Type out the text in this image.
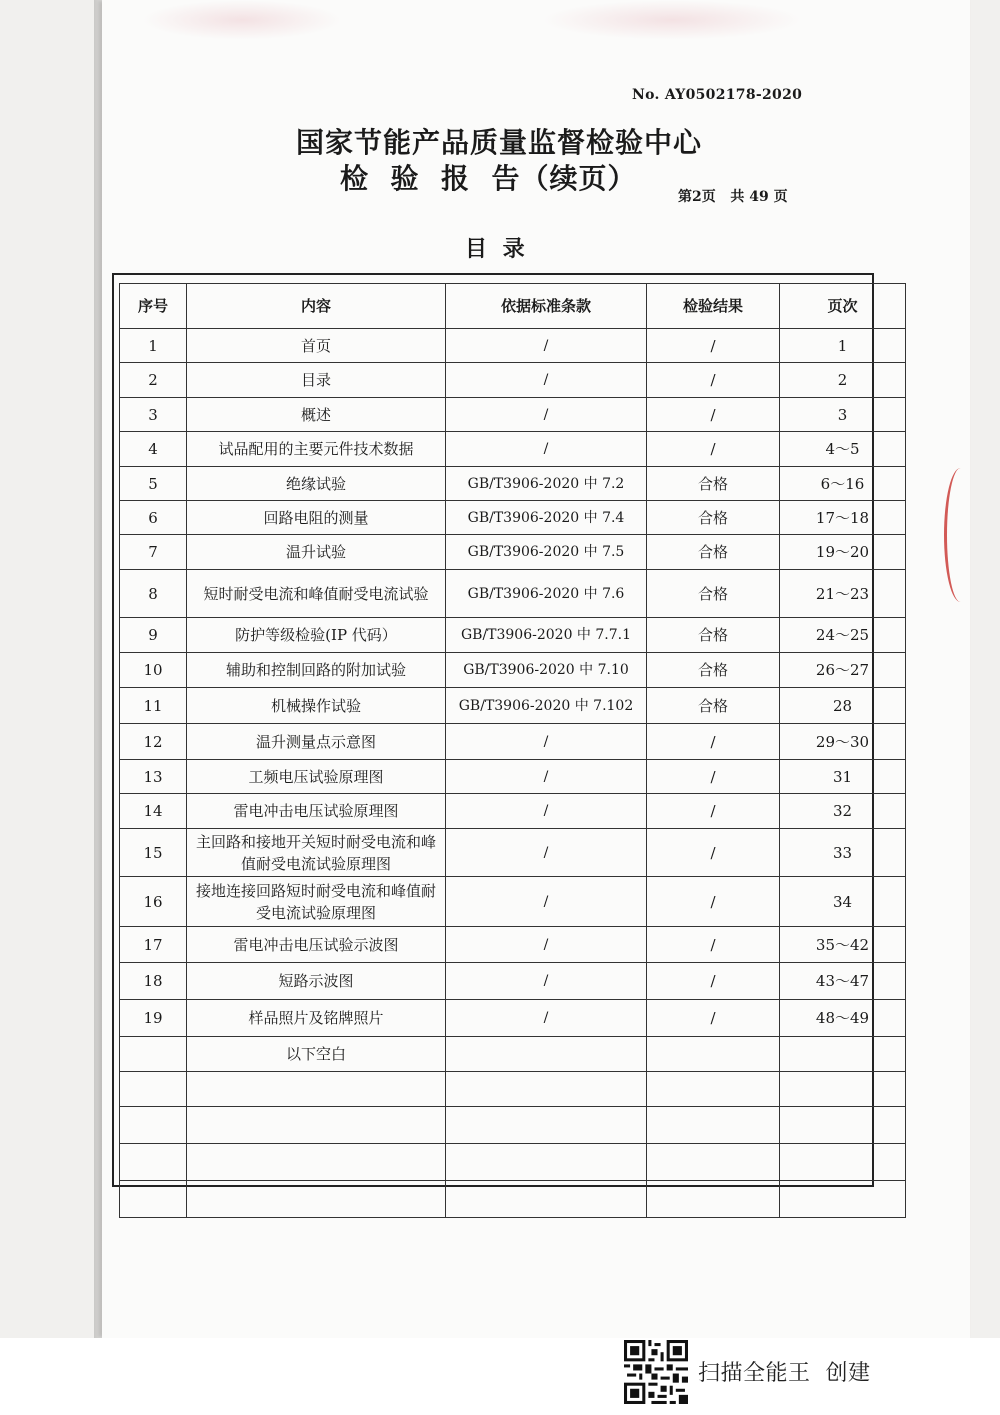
No. AY0502178-2020
国家节能产品质量监督检验中心
检  验  报  告（续页）
第2页   共 49 页
目 录
序号	内容	依据标准条款	检验结果	页次
1	首页	/	/	1
2	目录	/	/	2
3	概述	/	/	3
4	试品配用的主要元件技术数据	/	/	4～5
5	绝缘试验	GB/T3906-2020 中 7.2	合格	6～16
6	回路电阻的测量	GB/T3906-2020 中 7.4	合格	17～18
7	温升试验	GB/T3906-2020 中 7.5	合格	19～20
8	短时耐受电流和峰值耐受电流试验	GB/T3906-2020 中 7.6	合格	21～23
9	防护等级检验(IP 代码）	GB/T3906-2020 中 7.7.1	合格	24～25
10	辅助和控制回路的附加试验	GB/T3906-2020 中 7.10	合格	26～27
11	机械操作试验	GB/T3906-2020 中 7.102	合格	28
12	温升测量点示意图	/	/	29～30
13	工频电压试验原理图	/	/	31
14	雷电冲击电压试验原理图	/	/	32
15	主回路和接地开关短时耐受电流和峰值耐受电流试验原理图	/	/	33
16	接地连接回路短时耐受电流和峰值耐受电流试验原理图	/	/	34
17	雷电冲击电压试验示波图	/	/	35～42
18	短路示波图	/	/	43～47
19	样品照片及铭牌照片	/	/	48～49
	以下空白			

扫描全能王  创建
